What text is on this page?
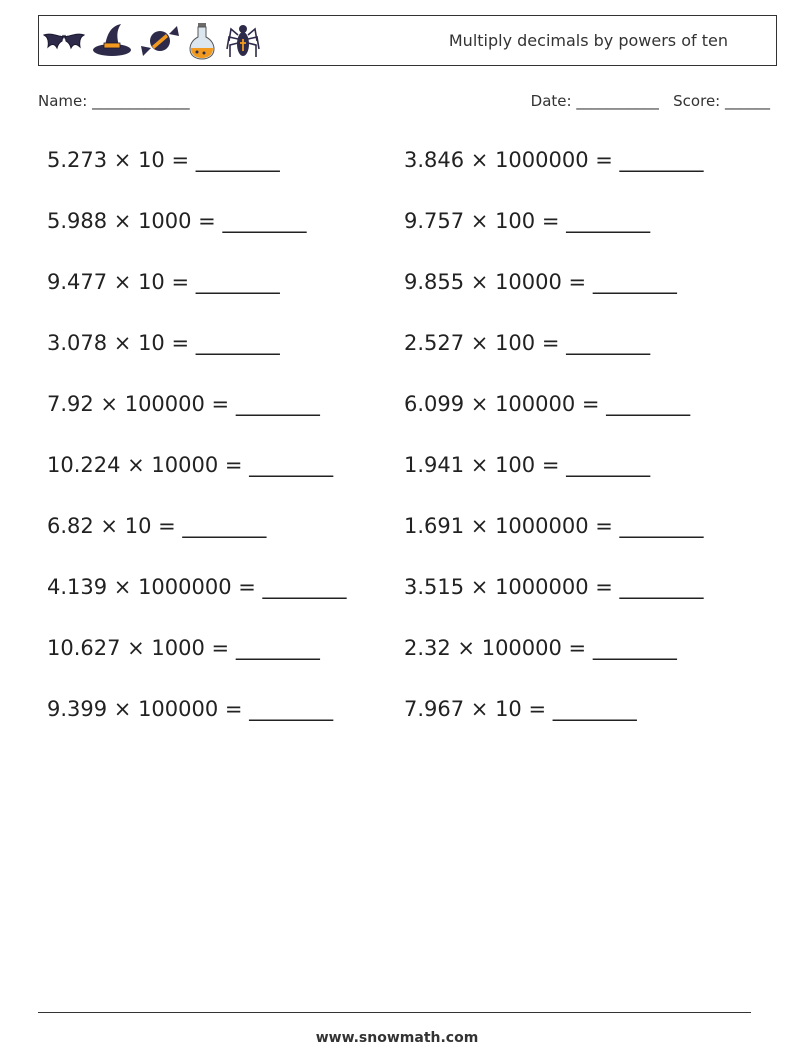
Multiply decimals by powers of ten
Name: _____________	Date: ___________ Score: ______
5.273 × 10 = ________	3.846 × 1000000 = ________
5.988 × 1000 = ________	9.757 × 100 = ________
9.477 × 10 = ________	9.855 × 10000 = ________
3.078 × 10 = ________	2.527 × 100 = ________
7.92 × 100000 = ________	6.099 × 100000 = ________
10.224 × 10000 = ________	1.941 × 100 = ________
6.82 × 10 = ________	1.691 × 1000000 = ________
4.139 × 1000000 = ________	3.515 × 1000000 = ________
10.627 × 1000 = ________	2.32 × 100000 = ________
9.399 × 100000 = ________	7.967 × 10 = ________
www.snowmath.com
